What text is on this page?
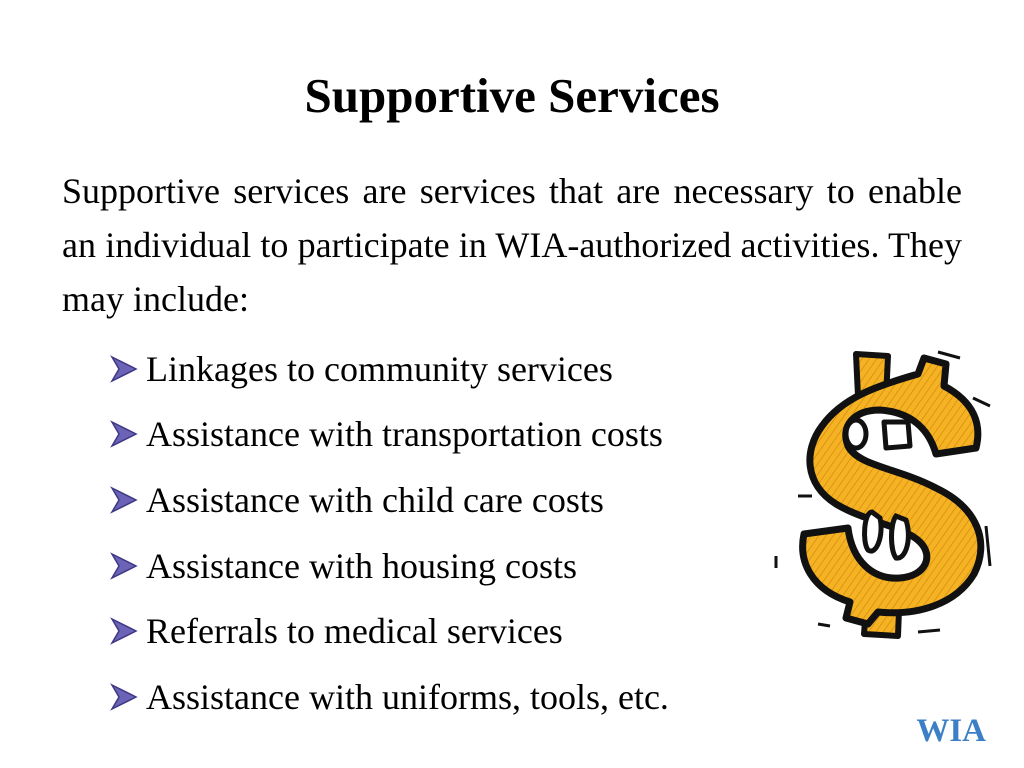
Supportive Services
Supportive services are services that are necessary to enable an individual to participate in WIA-authorized activities. They may include:
Linkages to community services
Assistance with transportation costs
Assistance with child care costs
Assistance with housing costs
Referrals to medical services
Assistance with uniforms, tools, etc.
WIA
